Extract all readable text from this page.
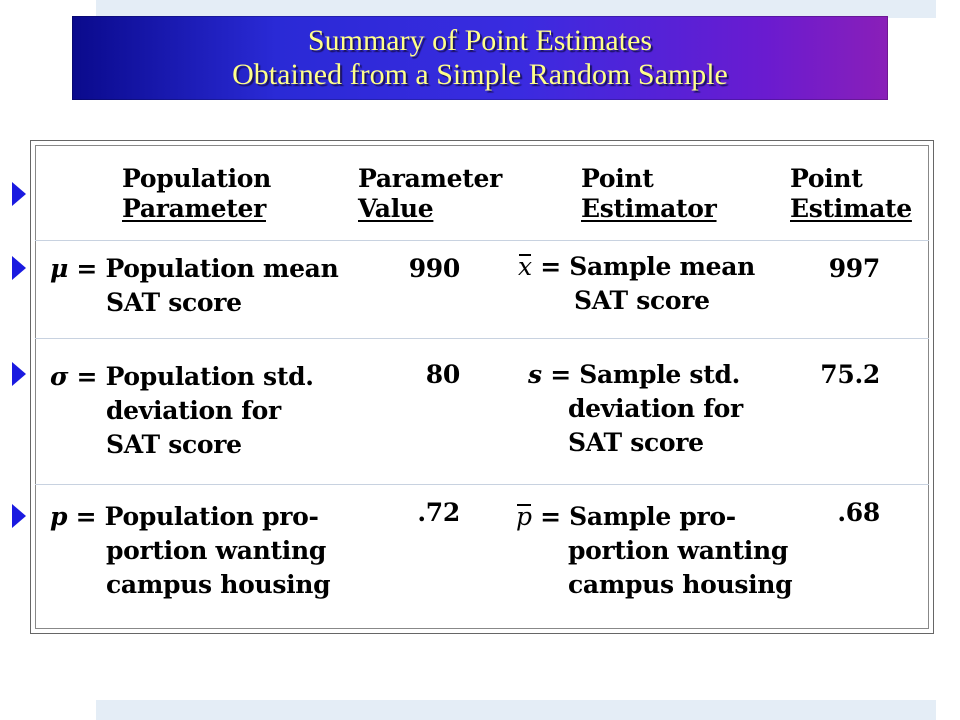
Summary of Point Estimates
Obtained from a Simple Random Sample
Population
Parameter
Parameter
Value
Point
Estimator
Point
Estimate
μ = Population mean
SAT score
990 x = Sample mean
SAT score
997
σ = Population std.
deviation for
SAT score
80	s = Sample std.
deviation for
SAT score
75.2
p = Population pro-
portion wanting
campus housing
.72 p = Sample pro-
portion wanting
campus housing
.68
